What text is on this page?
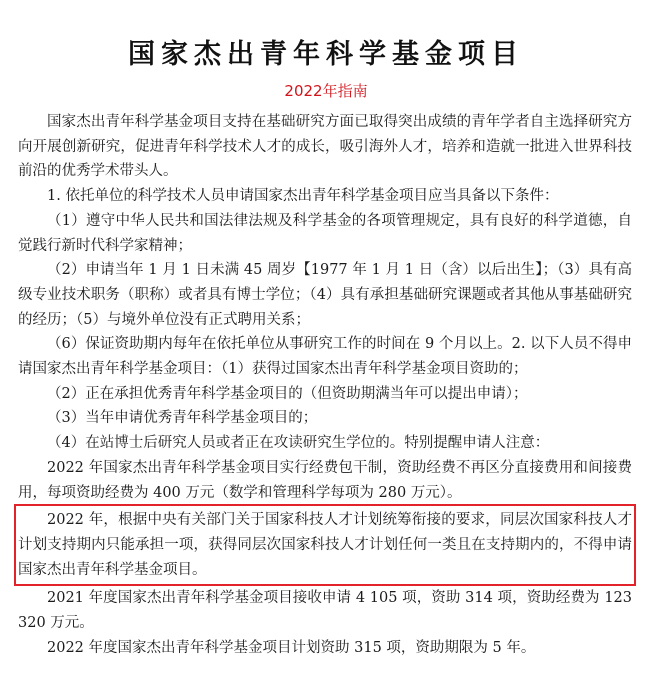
国家杰出青年科学基金项目
2022年指南

国家杰出青年科学基金项目支持在基础研究方面已取得突出成绩的青年学者自主选择研究方向开展创新研究，促进青年科学技术人才的成长，吸引海外人才，培养和造就一批进入世界科技前沿的优秀学术带头人。

1. 依托单位的科学技术人员申请国家杰出青年科学基金项目应当具备以下条件：

（1）遵守中华人民共和国法律法规及科学基金的各项管理规定，具有良好的科学道德，自觉践行新时代科学家精神；

（2）申请当年 1 月 1 日未满 45 周岁【1977 年 1 月 1 日（含）以后出生】；（3）具有高级专业技术职务（职称）或者具有博士学位；（4）具有承担基础研究课题或者其他从事基础研究的经历；（5）与境外单位没有正式聘用关系；

（6）保证资助期内每年在依托单位从事研究工作的时间在 9 个月以上。2. 以下人员不得申请国家杰出青年科学基金项目：（1）获得过国家杰出青年科学基金项目资助的；

（2）正在承担优秀青年科学基金项目的（但资助期满当年可以提出申请）；

（3）当年申请优秀青年科学基金项目的；

（4）在站博士后研究人员或者正在攻读研究生学位的。特别提醒申请人注意：

2022 年国家杰出青年科学基金项目实行经费包干制，资助经费不再区分直接费用和间接费用，每项资助经费为 400 万元（数学和管理科学每项为 280 万元）。

2022 年，根据中央有关部门关于国家科技人才计划统筹衔接的要求，同层次国家科技人才计划支持期内只能承担一项，获得同层次国家科技人才计划任何一类且在支持期内的，不得申请国家杰出青年科学基金项目。

2021 年度国家杰出青年科学基金项目接收申请 4 105 项，资助 314 项，资助经费为 123 320 万元。

2022 年度国家杰出青年科学基金项目计划资助 315 项，资助期限为 5 年。
